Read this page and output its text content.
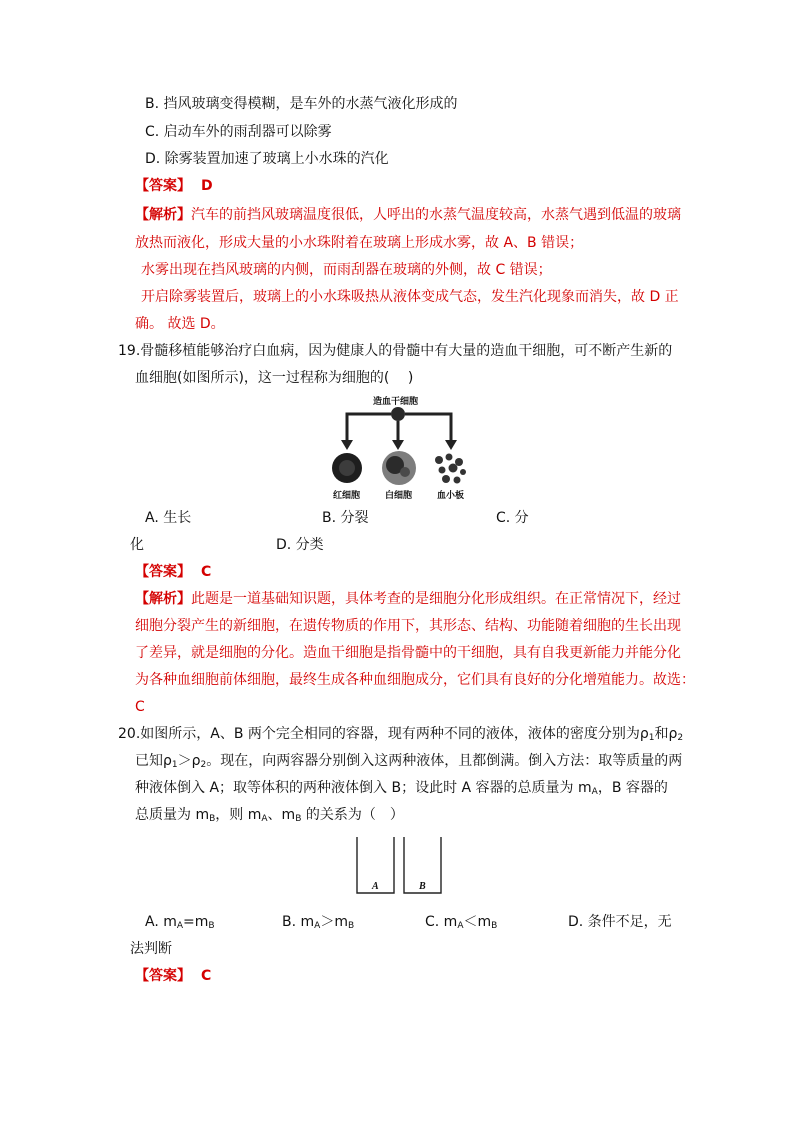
B. 挡风玻璃变得模糊，是车外的水蒸气液化形成的
C. 启动车外的雨刮器可以除雾
D. 除雾装置加速了玻璃上小水珠的汽化
【答案】 D
【解析】汽车的前挡风玻璃温度很低，人呼出的水蒸气温度较高，水蒸气遇到低温的玻璃
放热而液化，形成大量的小水珠附着在玻璃上形成水雾，故 A、B 错误；
水雾出现在挡风玻璃的内侧，而雨刮器在玻璃的外侧，故 C 错误；
开启除雾装置后，玻璃上的小水珠吸热从液体变成气态，发生汽化现象而消失，故 D 正
确。 故选 D。
19.骨髓移植能够治疗白血病，因为健康人的骨髓中有大量的造血干细胞，可不断产生新的
血细胞(如图所示)，这一过程称为细胞的(　 )
造血干细胞
红细胞	白细胞	血小板
A. 生长	B. 分裂	C. 分
化	D. 分类
【答案】 C
【解析】此题是一道基础知识题，具体考查的是细胞分化形成组织。在正常情况下，经过
细胞分裂产生的新细胞，在遗传物质的作用下，其形态、结构、功能随着细胞的生长出现
了差异，就是细胞的分化。造血干细胞是指骨髓中的干细胞，具有自我更新能力并能分化
为各种血细胞前体细胞，最终生成各种血细胞成分，它们具有良好的分化增殖能力。故选：
C
20.如图所示，A、B 两个完全相同的容器，现有两种不同的液体，液体的密度分别为$\rho_1$和$\rho_2$
已知$\rho_1>\rho_2$。现在，向两容器分别倒入这两种液体，且都倒满。倒入方法：取等质量的两
种液体倒入 A；取等体积的两种液体倒入 B；设此时 A 容器的总质量为 $m_A$，B 容器的
总质量为 $m_B$，则 $m_A$、$m_B$ 的关系为（　）
A	B
A. $m_A=m_B$	B. $m_A>m_B$	C. $m_A<m_B$	D. 条件不足，无
法判断
【答案】 C
